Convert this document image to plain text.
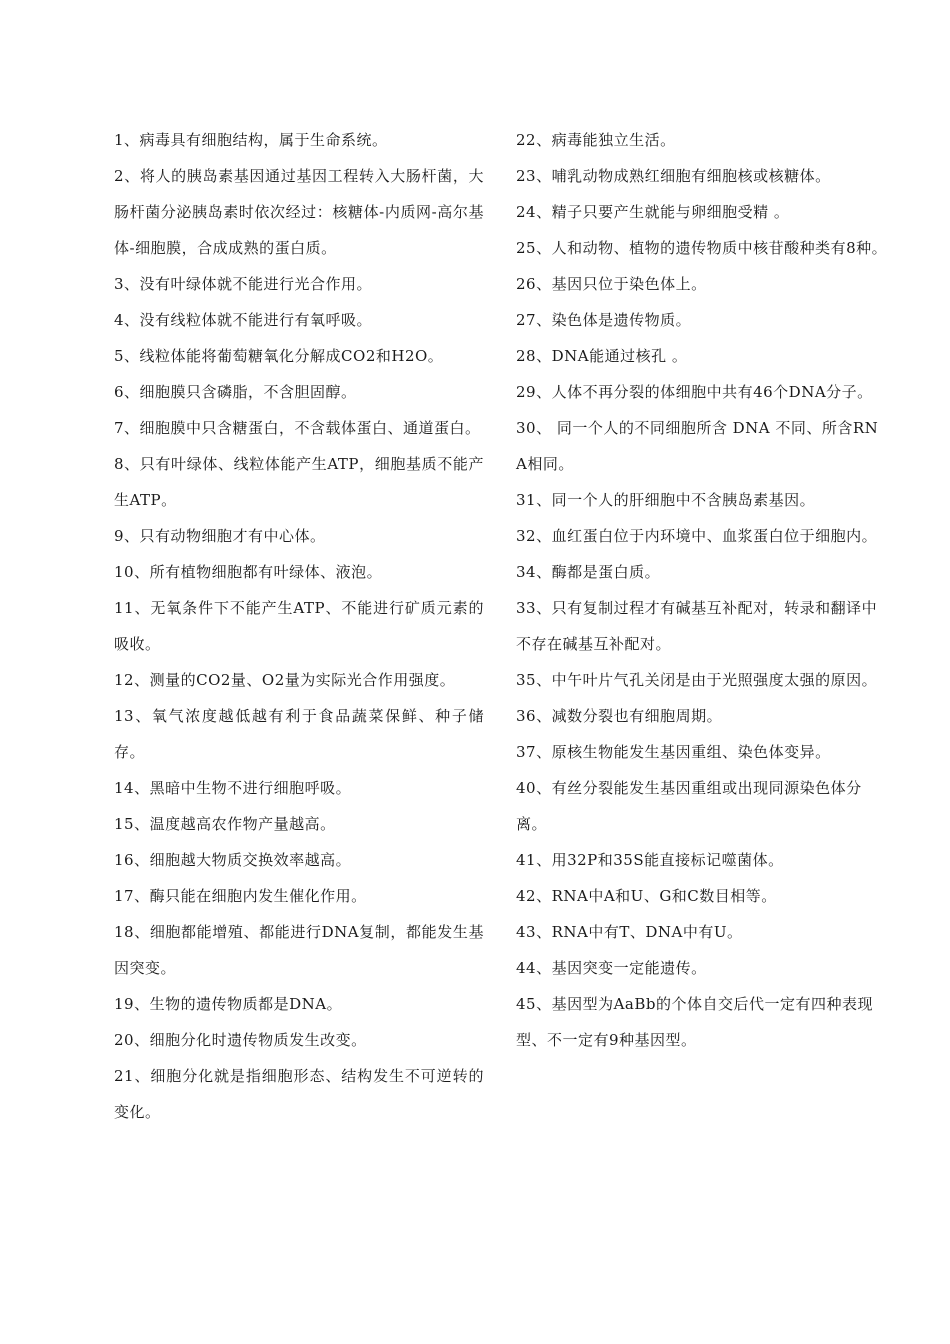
1、病毒具有细胞结构，属于生命系统。

2、将人的胰岛素基因通过基因工程转入大肠杆菌，大肠杆菌分泌胰岛素时依次经过：核糖体-内质网-高尔基体-细胞膜，合成成熟的蛋白质。

3、没有叶绿体就不能进行光合作用。

4、没有线粒体就不能进行有氧呼吸。

5、线粒体能将葡萄糖氧化分解成CO2和H2O。

6、细胞膜只含磷脂，不含胆固醇。

7、细胞膜中只含糖蛋白，不含载体蛋白、通道蛋白。

8、只有叶绿体、线粒体能产生ATP，细胞基质不能产生ATP。

9、只有动物细胞才有中心体。

10、所有植物细胞都有叶绿体、液泡。

11、无氧条件下不能产生ATP、不能进行矿质元素的吸收。

12、测量的CO2量、O2量为实际光合作用强度。

13、氧气浓度越低越有利于食品蔬菜保鲜、种子储存。

14、黑暗中生物不进行细胞呼吸。

15、温度越高农作物产量越高。

16、细胞越大物质交换效率越高。

17、酶只能在细胞内发生催化作用。

18、细胞都能增殖、都能进行DNA复制，都能发生基因突变。

19、生物的遗传物质都是DNA。

20、细胞分化时遗传物质发生改变。

21、细胞分化就是指细胞形态、结构发生不可逆转的变化。

22、病毒能独立生活。

23、哺乳动物成熟红细胞有细胞核或核糖体。

24、精子只要产生就能与卵细胞受精 。

25、人和动物、植物的遗传物质中核苷酸种类有8种。

26、基因只位于染色体上。

27、染色体是遗传物质。

28、DNA能通过核孔 。

29、人体不再分裂的体细胞中共有46个DNA分子。

30、 同一个人的不同细胞所含 DNA 不同、所含RNA相同。

31、同一个人的肝细胞中不含胰岛素基因。

32、血红蛋白位于内环境中、血浆蛋白位于细胞内。

34、酶都是蛋白质。

33、只有复制过程才有碱基互补配对，转录和翻译中不存在碱基互补配对。

35、中午叶片气孔关闭是由于光照强度太强的原因。

36、减数分裂也有细胞周期。

37、原核生物能发生基因重组、染色体变异。

40、有丝分裂能发生基因重组或出现同源染色体分离。

41、用32P和35S能直接标记噬菌体。

42、RNA中A和U、G和C数目相等。

43、RNA中有T、DNA中有U。

44、基因突变一定能遗传。

45、基因型为AaBb的个体自交后代一定有四种表现型、不一定有9种基因型。
